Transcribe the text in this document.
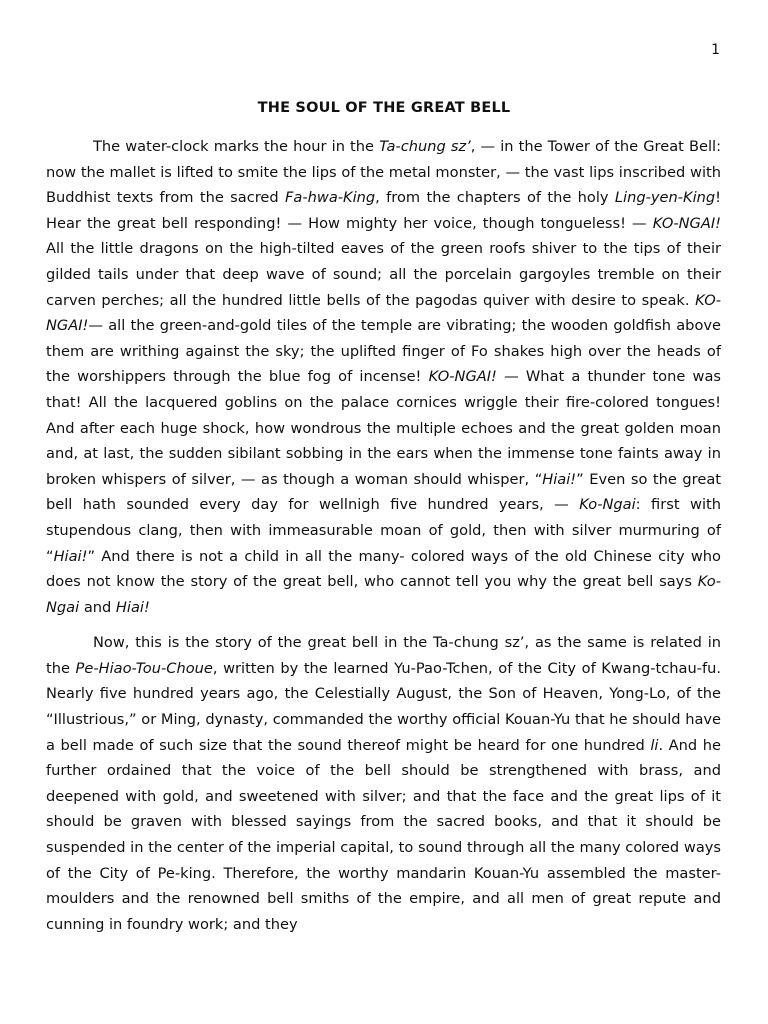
1
THE SOUL OF THE GREAT BELL

The water-clock marks the hour in the Ta-chung sz’, — in the Tower of the Great Bell: now the mallet is lifted to smite the lips of the metal monster, — the vast lips inscribed with Buddhist texts from the sacred Fa-hwa-King, from the chapters of the holy Ling-yen-King! Hear the great bell responding! — How mighty her voice, though tongueless! — KO-NGAI! All the little dragons on the high-tilted eaves of the green roofs shiver to the tips of their gilded tails under that deep wave of sound; all the porcelain gargoyles tremble on their carven perches; all the hundred little bells of the pagodas quiver with desire to speak. KO-NGAI!— all the green-and-gold tiles of the temple are vibrating; the wooden goldfish above them are writhing against the sky; the uplifted finger of Fo shakes high over the heads of the worshippers through the blue fog of incense! KO-NGAI! — What a thunder tone was that! All the lacquered goblins on the palace cornices wriggle their fire-colored tongues! And after each huge shock, how wondrous the multiple echoes and the great golden moan and, at last, the sudden sibilant sobbing in the ears when the immense tone faints away in broken whispers of silver, — as though a woman should whisper, “Hiai!” Even so the great bell hath sounded every day for wellnigh five hundred years, — Ko-Ngai: first with stupendous clang, then with immeasurable moan of gold, then with silver murmuring of “Hiai!” And there is not a child in all the many- colored ways of the old Chinese city who does not know the story of the great bell, who cannot tell you why the great bell says Ko-Ngai and Hiai!

Now, this is the story of the great bell in the Ta-chung sz’, as the same is related in the Pe-Hiao-Tou-Choue, written by the learned Yu-Pao-Tchen, of the City of Kwang-tchau-fu. Nearly five hundred years ago, the Celestially August, the Son of Heaven, Yong-Lo, of the “Illustrious,” or Ming, dynasty, commanded the worthy official Kouan-Yu that he should have a bell made of such size that the sound thereof might be heard for one hundred li. And he further ordained that the voice of the bell should be strengthened with brass, and deepened with gold, and sweetened with silver; and that the face and the great lips of it should be graven with blessed sayings from the sacred books, and that it should be suspended in the center of the imperial capital, to sound through all the many colored ways of the City of Pe-king. Therefore, the worthy mandarin Kouan-Yu assembled the master-moulders and the renowned bell smiths of the empire, and all men of great repute and cunning in foundry work; and they
